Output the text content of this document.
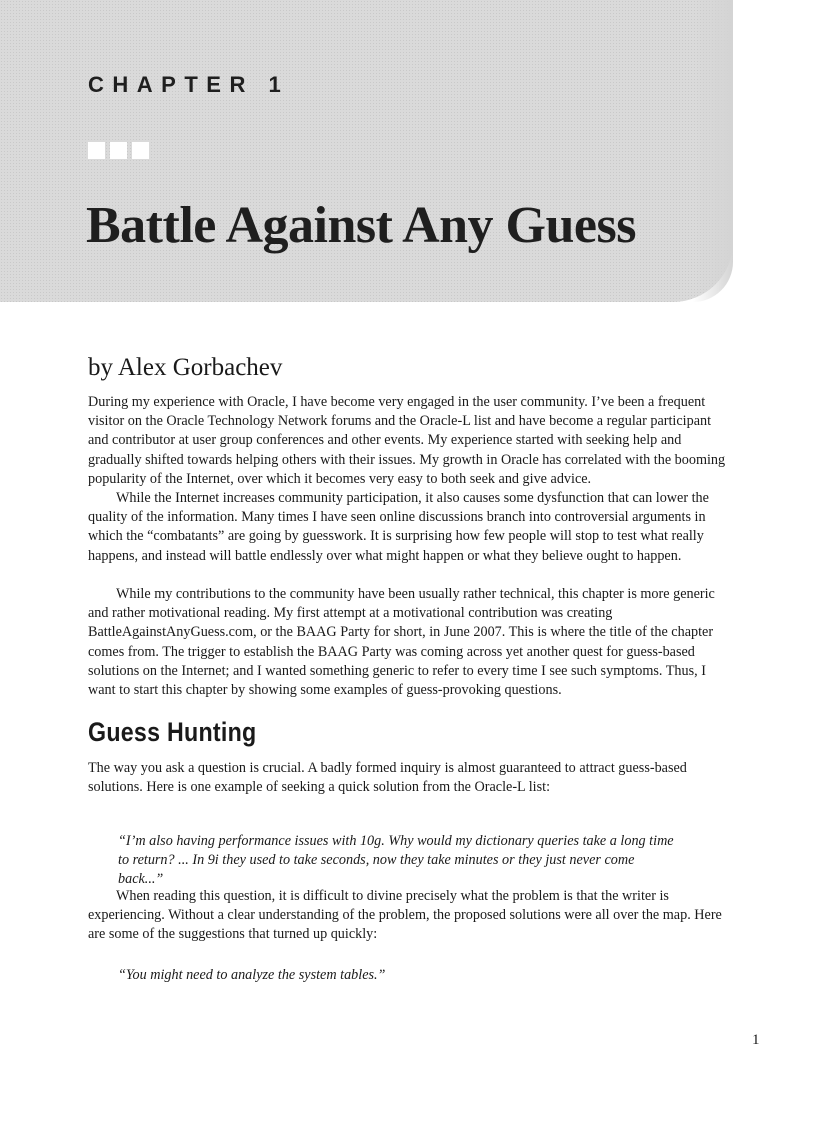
CHAPTER 1
Battle Against Any Guess

by Alex Gorbachev

During my experience with Oracle, I have become very engaged in the user community. I’ve been a frequent visitor on the Oracle Technology Network forums and the Oracle-L list and have become a regular participant and contributor at user group conferences and other events. My experience started with seeking help and gradually shifted towards helping others with their issues. My growth in Oracle has correlated with the booming popularity of the Internet, over which it becomes very easy to both seek and give advice.

While the Internet increases community participation, it also causes some dysfunction that can lower the quality of the information. Many times I have seen online discussions branch into controversial arguments in which the “combatants” are going by guesswork. It is surprising how few people will stop to test what really happens, and instead will battle endlessly over what might happen or what they believe ought to happen.

While my contributions to the community have been usually rather technical, this chapter is more generic and rather motivational reading. My first attempt at a motivational contribution was creating BattleAgainstAnyGuess.com, or the BAAG Party for short, in June 2007. This is where the title of the chapter comes from. The trigger to establish the BAAG Party was coming across yet another quest for guess-based solutions on the Internet; and I wanted something generic to refer to every time I see such symptoms. Thus, I want to start this chapter by showing some examples of guess-provoking questions.

Guess Hunting

The way you ask a question is crucial. A badly formed inquiry is almost guaranteed to attract guess-based solutions. Here is one example of seeking a quick solution from the Oracle-L list:

“I’m also having performance issues with 10g. Why would my dictionary queries take a long time to return? ... In 9i they used to take seconds, now they take minutes or they just never come back...”

When reading this question, it is difficult to divine precisely what the problem is that the writer is experiencing. Without a clear understanding of the problem, the proposed solutions were all over the map. Here are some of the suggestions that turned up quickly:

“You might need to analyze the system tables.”

1
